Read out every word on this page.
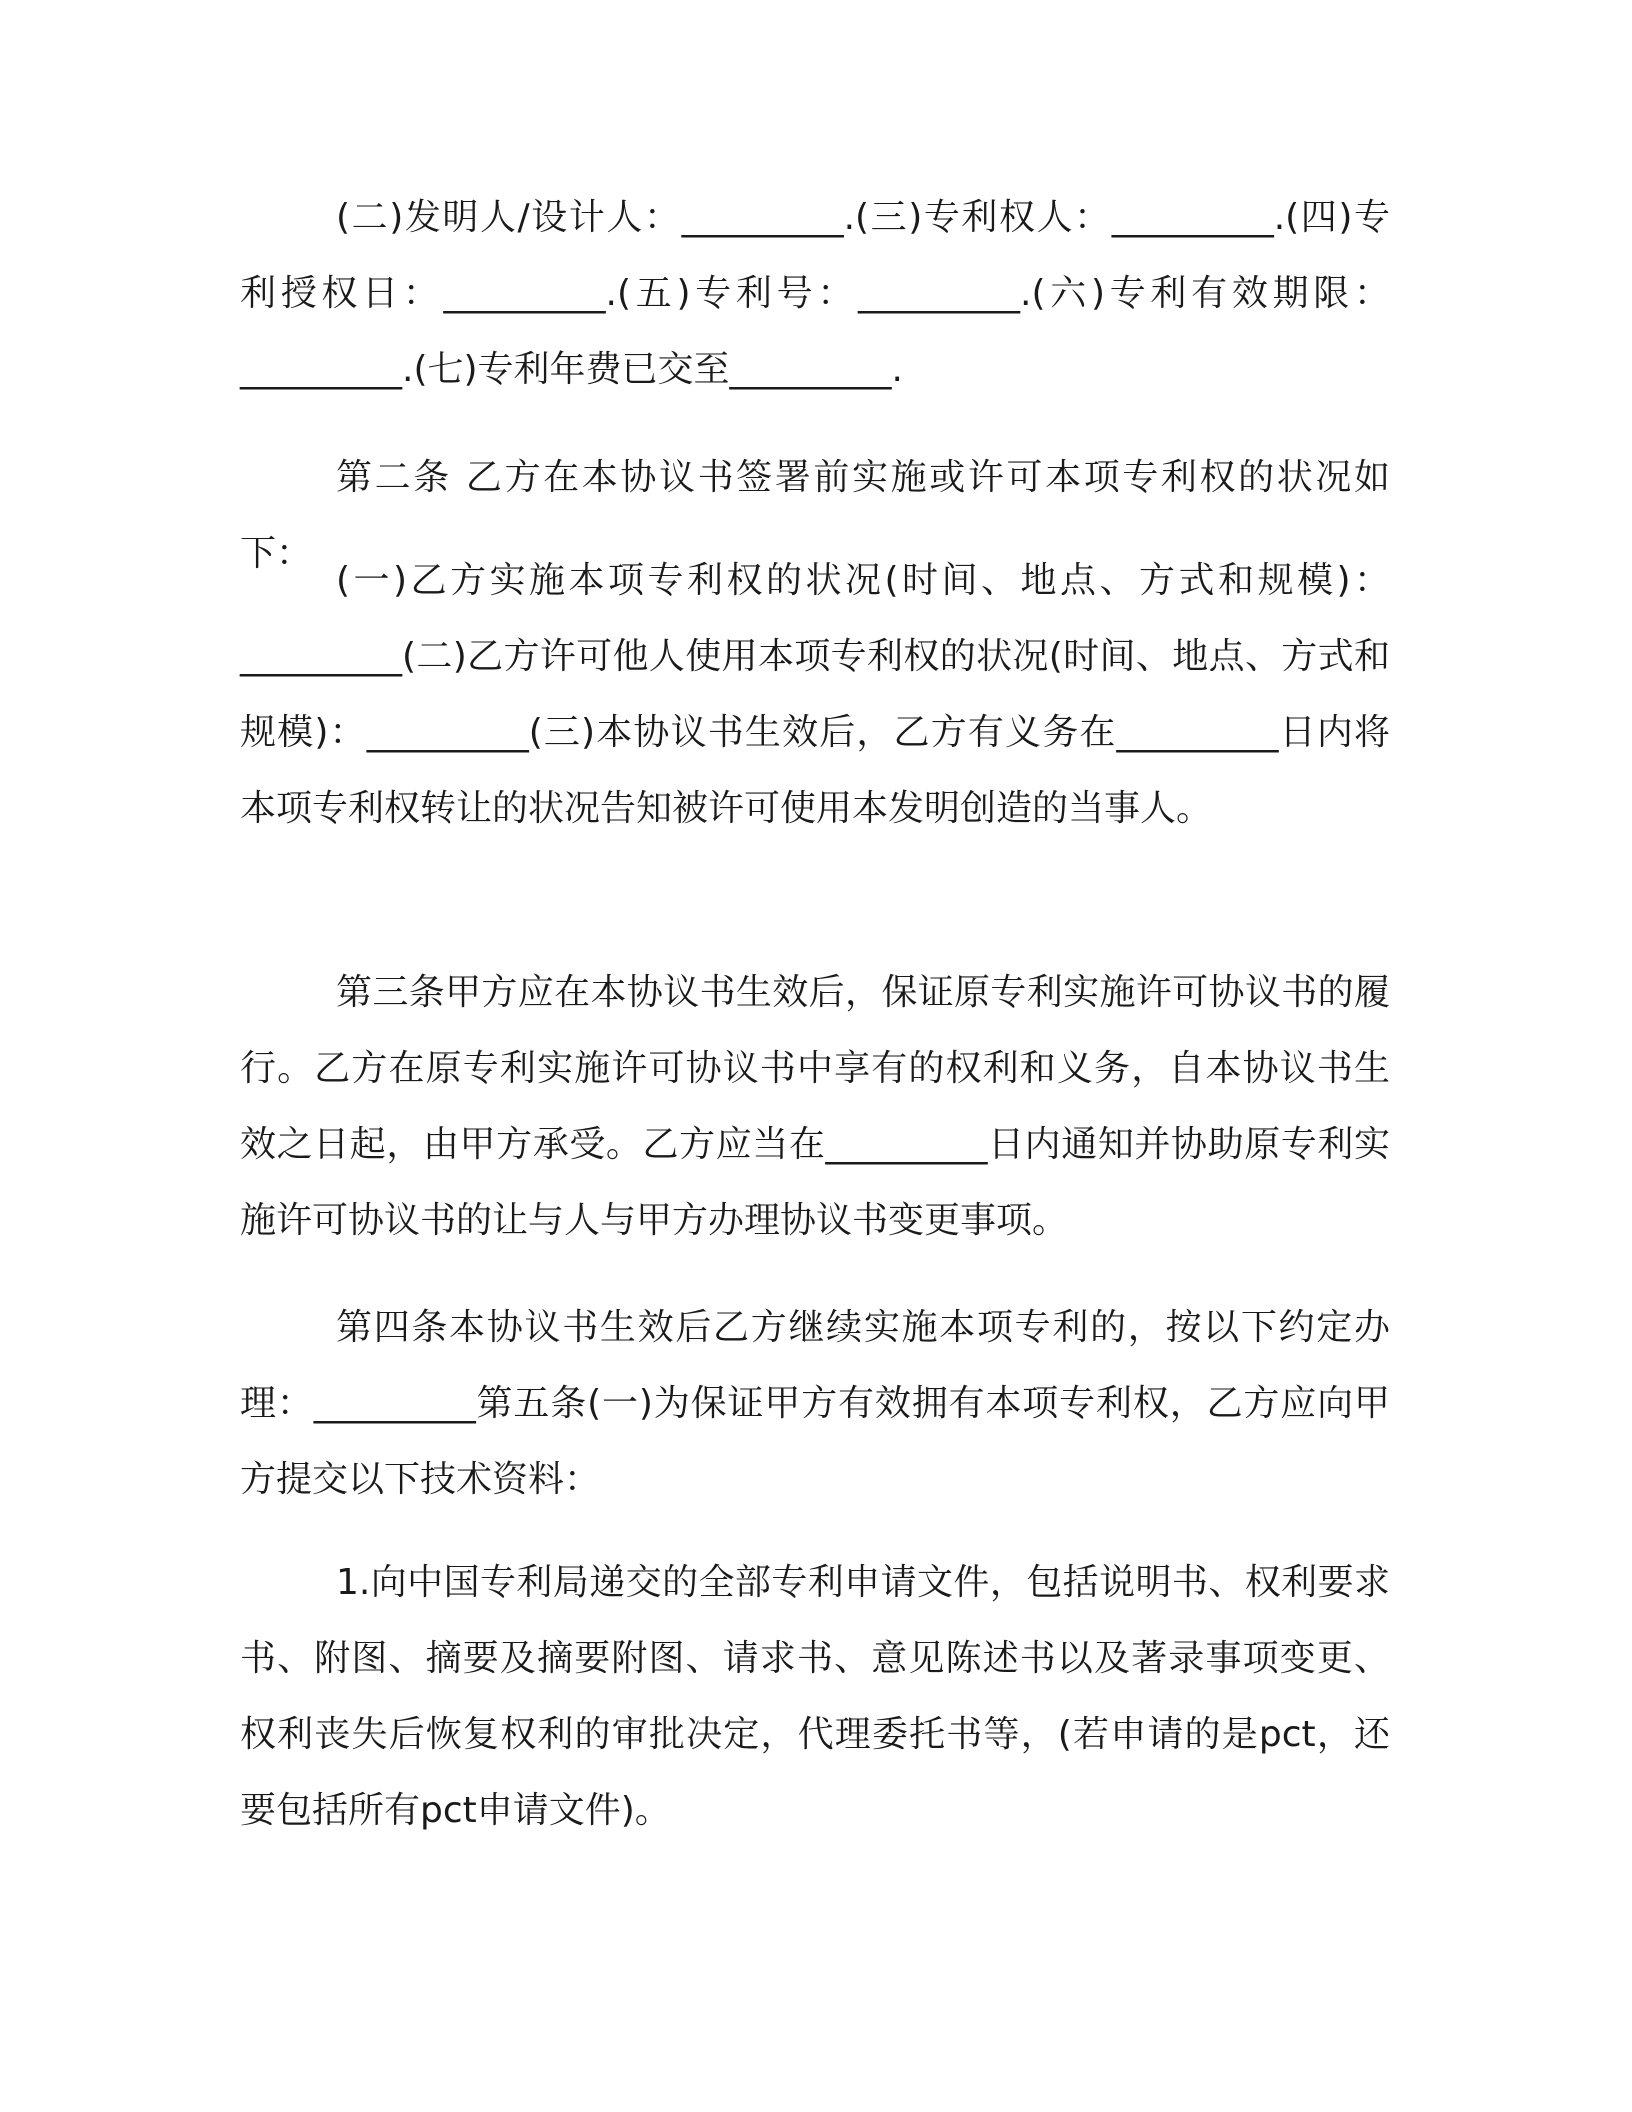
(二)发明人/设计人：_________.(三)专利权人：_________.(四)专利授权日：_________.(五)专利号：_________.(六)专利有效期限：_________.(七)专利年费已交至_________.

第二条 乙方在本协议书签署前实施或许可本项专利权的状况如下：

(一)乙方实施本项专利权的状况(时间、地点、方式和规模)：_________(二)乙方许可他人使用本项专利权的状况(时间、地点、方式和规模)：_________(三)本协议书生效后，乙方有义务在_________日内将本项专利权转让的状况告知被许可使用本发明创造的当事人。

第三条甲方应在本协议书生效后，保证原专利实施许可协议书的履行。乙方在原专利实施许可协议书中享有的权利和义务，自本协议书生效之日起，由甲方承受。乙方应当在_________日内通知并协助原专利实施许可协议书的让与人与甲方办理协议书变更事项。

第四条本协议书生效后乙方继续实施本项专利的，按以下约定办理：_________第五条(一)为保证甲方有效拥有本项专利权，乙方应向甲方提交以下技术资料：

1.向中国专利局递交的全部专利申请文件，包括说明书、权利要求书、附图、摘要及摘要附图、请求书、意见陈述书以及著录事项变更、权利丧失后恢复权利的审批决定，代理委托书等，(若申请的是pct，还要包括所有pct申请文件)。
